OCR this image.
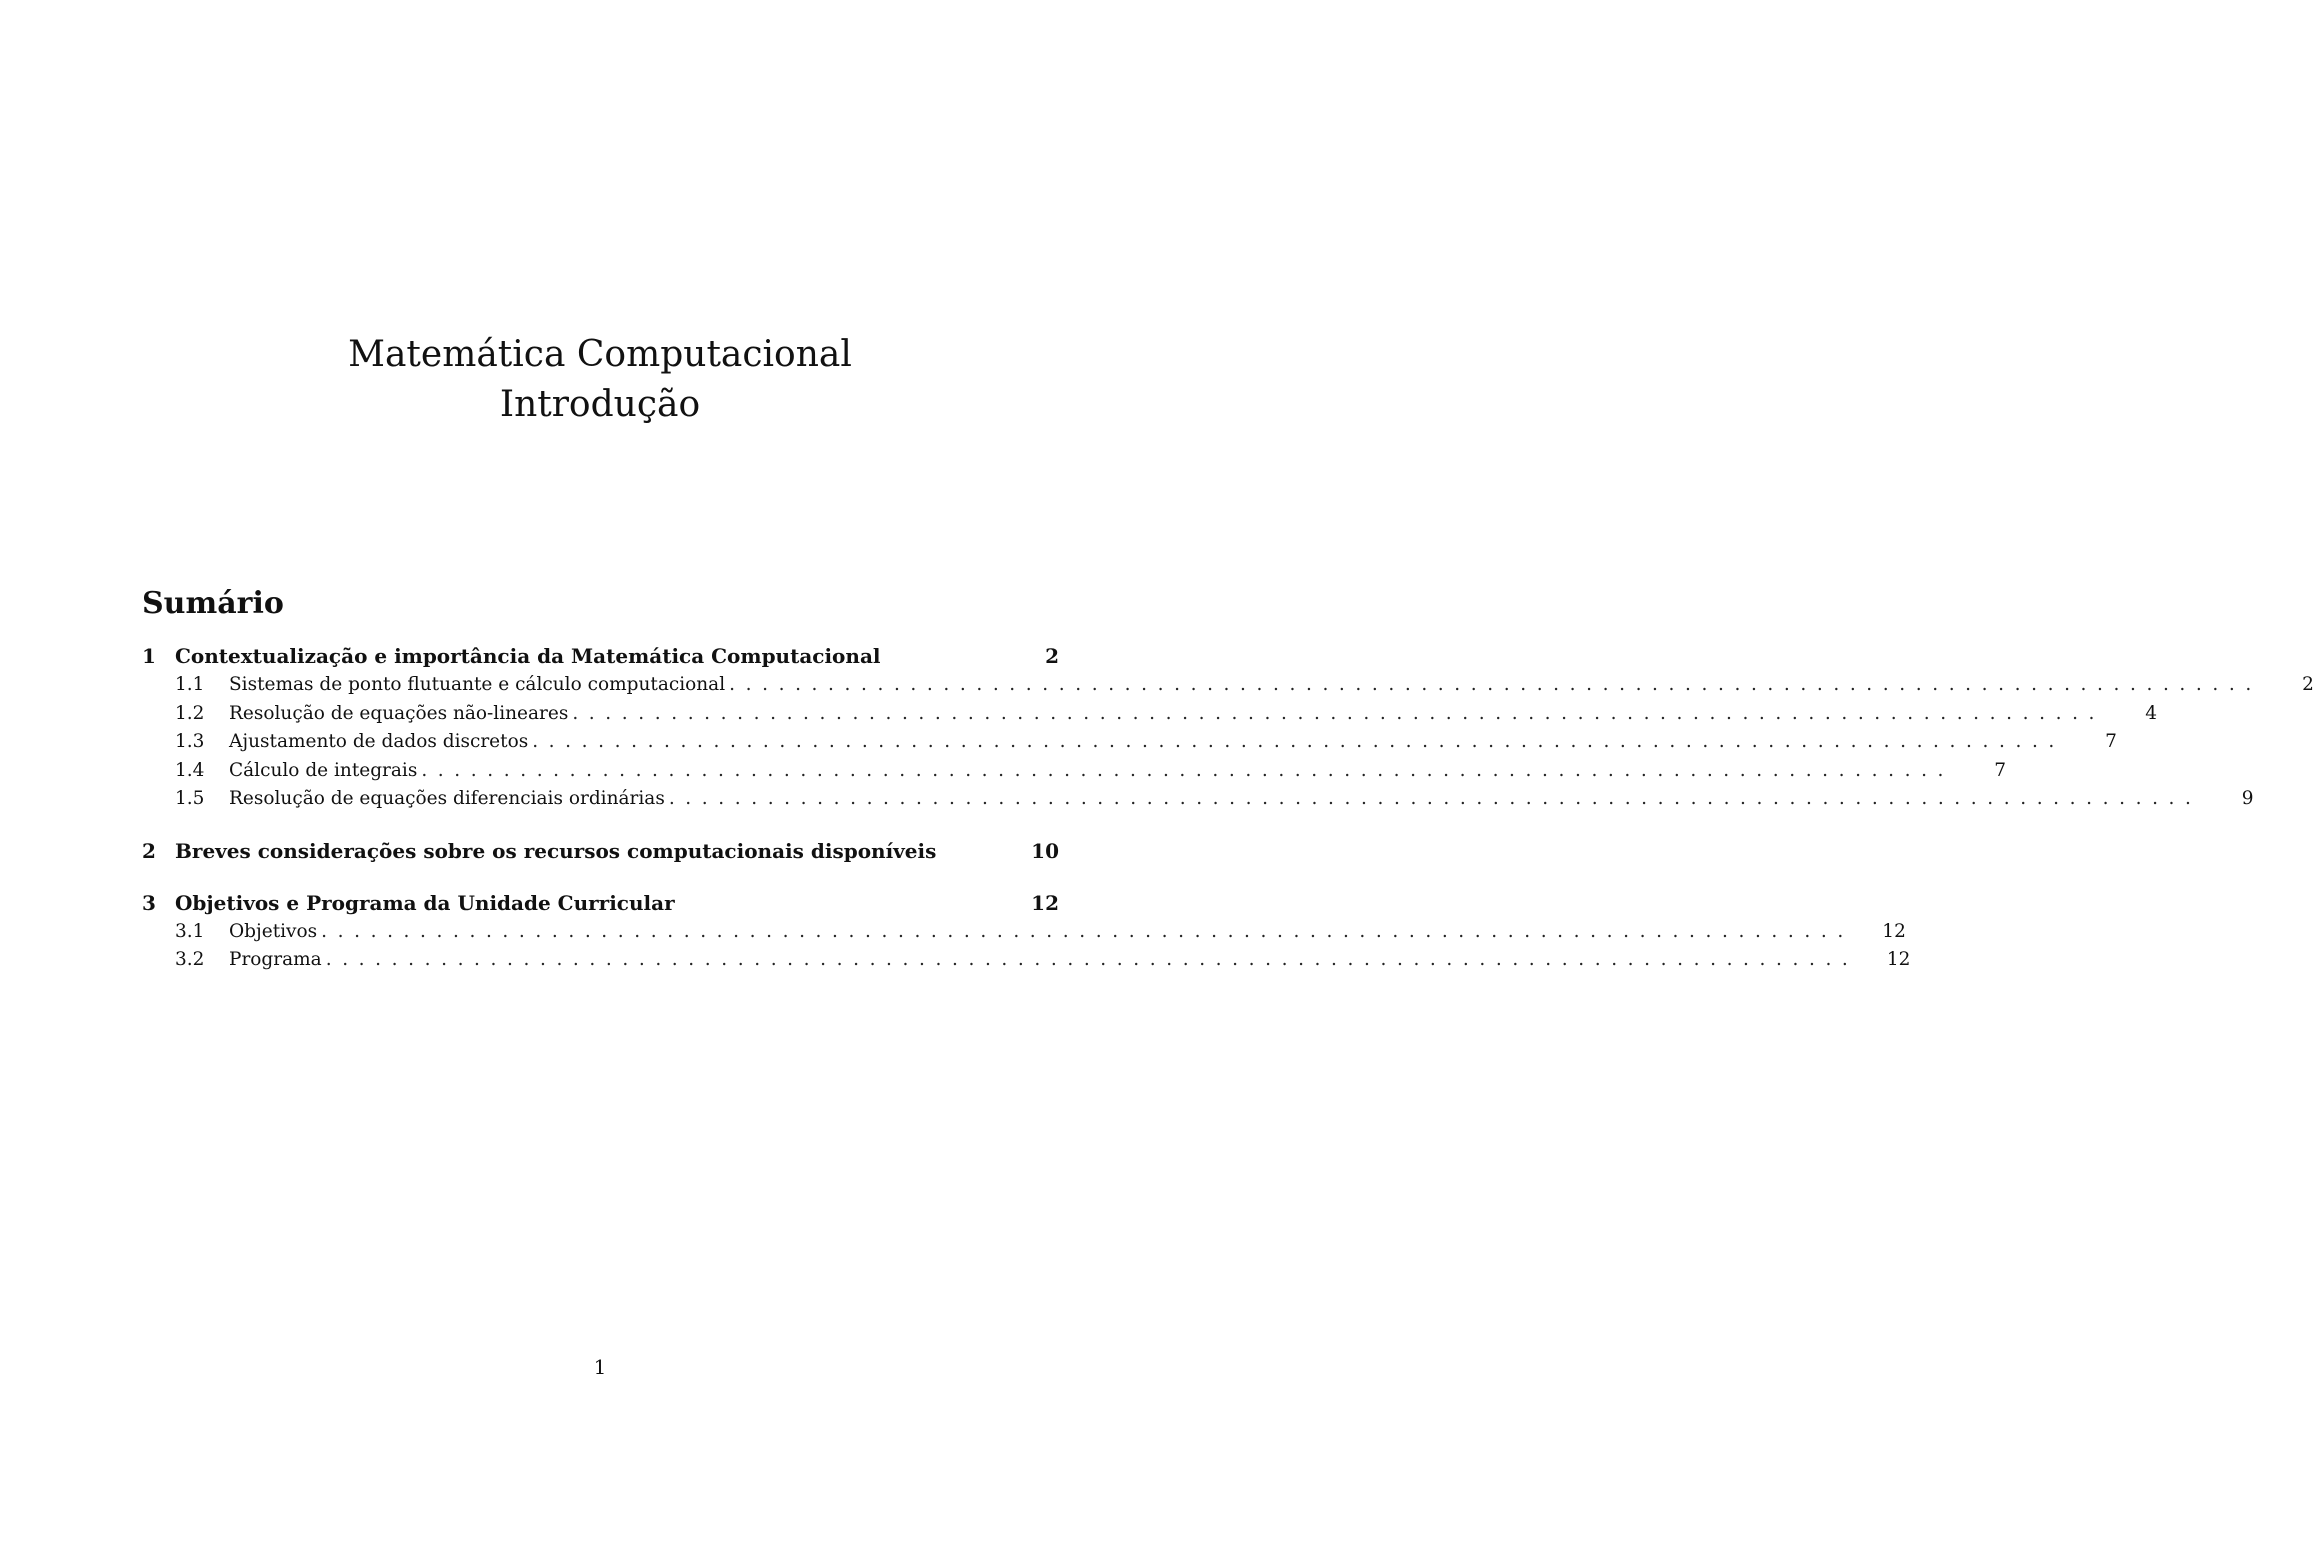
Matemática Computacional
Introdução
Sumário
1 Contextualização e importância da Matemática Computacional	2
1.1	Sistemas de ponto flutuante e cálculo computacional .............................................................................................	2
1.2	Resolução de equações não-lineares .............................................................................................	4
1.3	Ajustamento de dados discretos .............................................................................................	7
1.4	Cálculo de integrais .............................................................................................	7
1.5	Resolução de equações diferenciais ordinárias .............................................................................................	9
2 Breves considerações sobre os recursos computacionais disponíveis	10
3 Objetivos e Programa da Unidade Curricular	12
3.1	Objetivos .............................................................................................	12
3.2	Programa .............................................................................................	12
1
